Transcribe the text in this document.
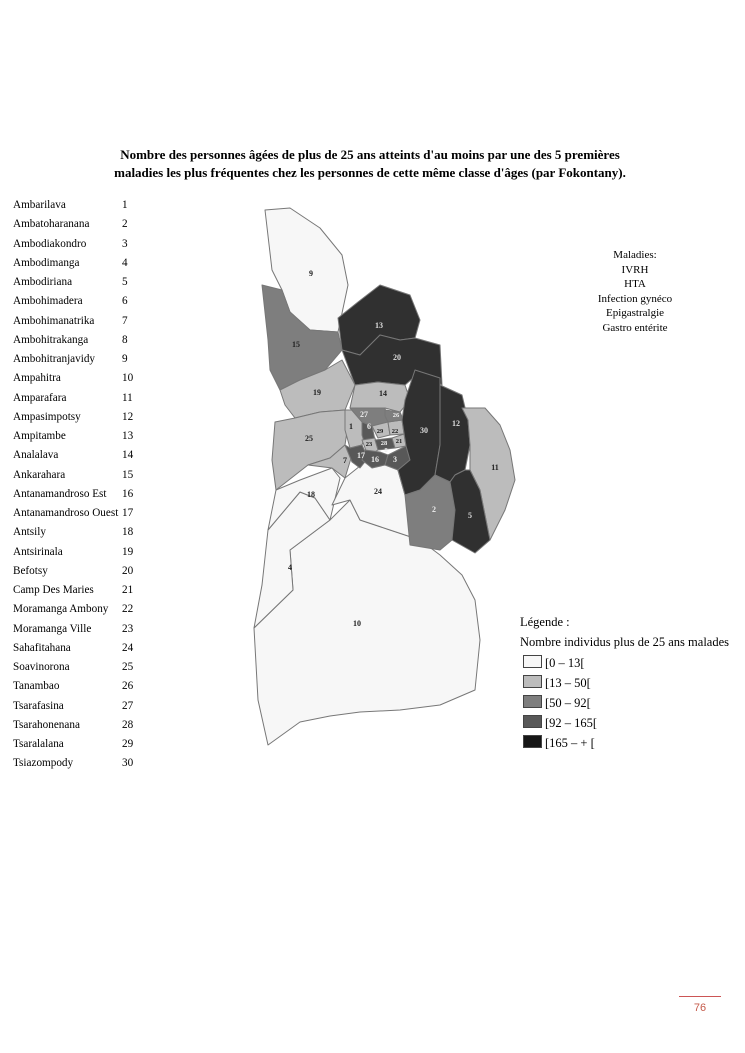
Nombre des personnes âgées de plus de 25 ans atteints d'au moins par une des 5 premières
maladies les plus fréquentes chez les personnes de cette même classe d'âges (par Fokontany).
Ambarilava	1
Ambatoharanana	2
Ambodiakondro	3
Ambodimanga	4
Ambodiriana	5
Ambohimadera	6
Ambohimanatrika 7
Ambohitrakanga	8
Ambohitranjavidy 9
Ampahitra	10
Amparafara	11
Ampasimpotsy	12
Ampitambe	13
Analalava	14
Ankarahara	15
Antanamandroso Est 16
Antanamandroso Ouest 17
Antsily	18
Antsirinala	19
Befotsy	20
Camp Des Maries	21
Moramanga Ambony 22
Moramanga Ville	23
Sahafitahana	24
Soavinorona	25
Tanambao	26
Tsarafasina	27
Tsarahonenana	28
Tsaralalana	29
Tsiazompody	30
10
4
18	24
9
15
13
20
19	14
25
7
1
27
17
6
23
29
28
22
21
16
26
3
30
12
11
2
5
8
Maladies:
IVRH
HTA
Infection gynéco
Epigastralgie
Gastro entérite
Légende :
Nombre individus plus de 25 ans malades
[0 – 13[
[13 – 50[
[50 – 92[
[92 – 165[
[165 – + [
76
